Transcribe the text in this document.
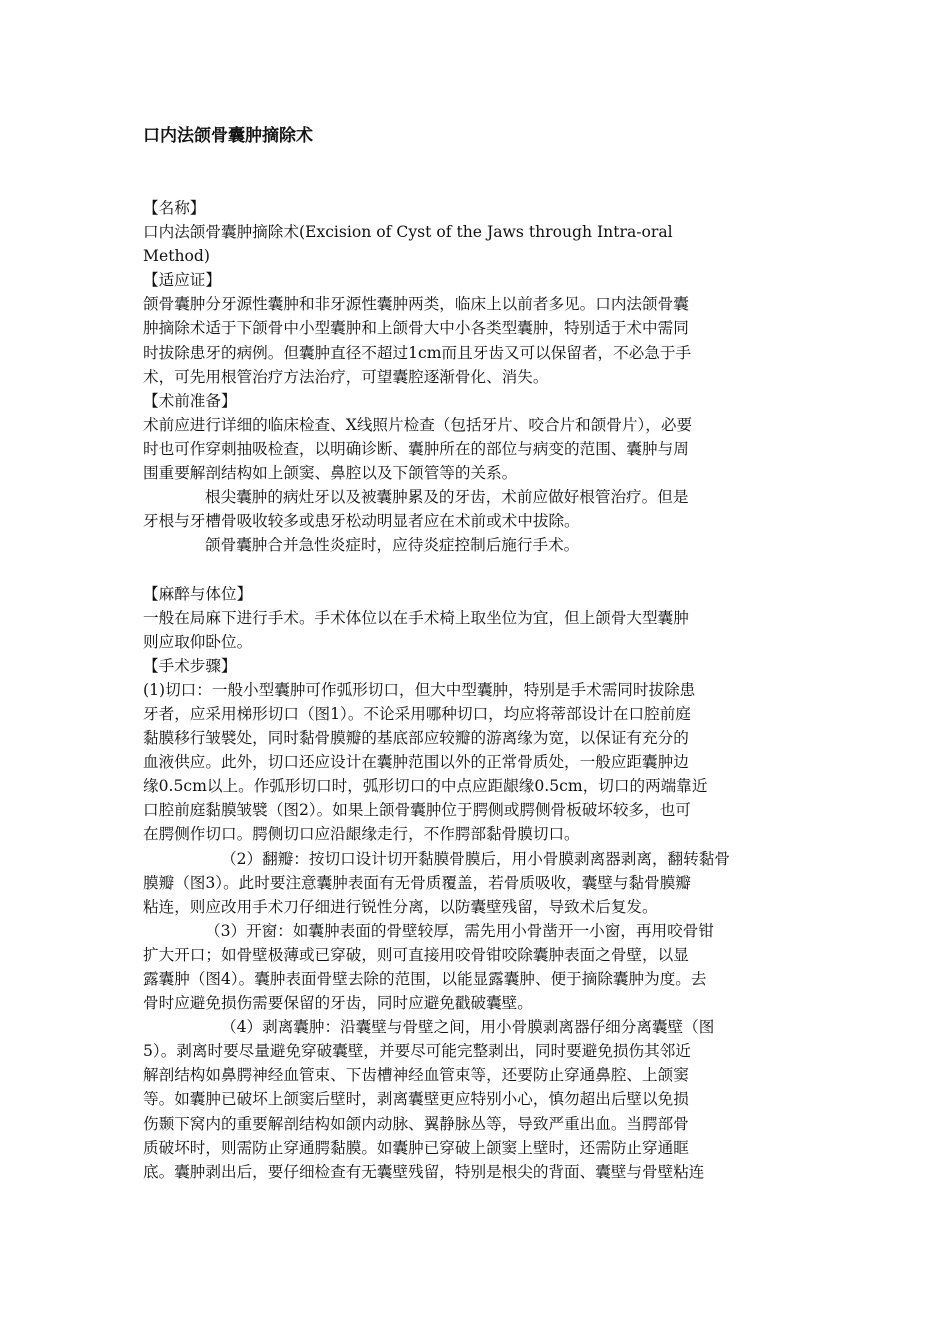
口内法颌骨囊肿摘除术
【名称】
口内法颌骨囊肿摘除术(Excision of Cyst of the Jaws through Intra-oral
Method)
【适应证】
颌骨囊肿分牙源性囊肿和非牙源性囊肿两类，临床上以前者多见。口内法颌骨囊
肿摘除术适于下颌骨中小型囊肿和上颌骨大中小各类型囊肿，特别适于术中需同
时拔除患牙的病例。但囊肿直径不超过1cm而且牙齿又可以保留者，不必急于手
术，可先用根管治疗方法治疗，可望囊腔逐渐骨化、消失。
【术前准备】
术前应进行详细的临床检查、X线照片检查（包括牙片、咬合片和颌骨片），必要
时也可作穿刺抽吸检查，以明确诊断、囊肿所在的部位与病变的范围、囊肿与周
围重要解剖结构如上颌窦、鼻腔以及下颌管等的关系。
根尖囊肿的病灶牙以及被囊肿累及的牙齿，术前应做好根管治疗。但是
牙根与牙槽骨吸收较多或患牙松动明显者应在术前或术中拔除。
颌骨囊肿合并急性炎症时，应待炎症控制后施行手术。
【麻醉与体位】
一般在局麻下进行手术。手术体位以在手术椅上取坐位为宜，但上颌骨大型囊肿
则应取仰卧位。
【手术步骤】
(1)切口：一般小型囊肿可作弧形切口，但大中型囊肿，特别是手术需同时拔除患
牙者，应采用梯形切口（图1）。不论采用哪种切口，均应将蒂部设计在口腔前庭
黏膜移行皱襞处，同时黏骨膜瓣的基底部应较瓣的游离缘为宽，以保证有充分的
血液供应。此外，切口还应设计在囊肿范围以外的正常骨质处，一般应距囊肿边
缘0.5cm以上。作弧形切口时，弧形切口的中点应距龈缘0.5cm，切口的两端靠近
口腔前庭黏膜皱襞（图2）。如果上颌骨囊肿位于腭侧或腭侧骨板破坏较多，也可
在腭侧作切口。腭侧切口应沿龈缘走行，不作腭部黏骨膜切口。
（2）翻瓣：按切口设计切开黏膜骨膜后，用小骨膜剥离器剥离，翻转黏骨
膜瓣（图3）。此时要注意囊肿表面有无骨质覆盖，若骨质吸收，囊壁与黏骨膜瓣
粘连，则应改用手术刀仔细进行锐性分离，以防囊壁残留，导致术后复发。
（3）开窗：如囊肿表面的骨壁较厚，需先用小骨凿开一小窗，再用咬骨钳
扩大开口；如骨壁极薄或已穿破，则可直接用咬骨钳咬除囊肿表面之骨壁，以显
露囊肿（图4）。囊肿表面骨壁去除的范围，以能显露囊肿、便于摘除囊肿为度。去
骨时应避免损伤需要保留的牙齿，同时应避免戳破囊壁。
（4）剥离囊肿：沿囊壁与骨壁之间，用小骨膜剥离器仔细分离囊壁（图
5）。剥离时要尽量避免穿破囊壁，并要尽可能完整剥出，同时要避免损伤其邻近
解剖结构如鼻腭神经血管束、下齿槽神经血管束等，还要防止穿通鼻腔、上颌窦
等。如囊肿已破坏上颌窦后壁时，剥离囊壁更应特别小心，慎勿超出后壁以免损
伤颞下窝内的重要解剖结构如颌内动脉、翼静脉丛等，导致严重出血。当腭部骨
质破坏时，则需防止穿通腭黏膜。如囊肿已穿破上颌窦上壁时，还需防止穿通眶
底。囊肿剥出后，要仔细检查有无囊壁残留，特别是根尖的背面、囊壁与骨壁粘连
